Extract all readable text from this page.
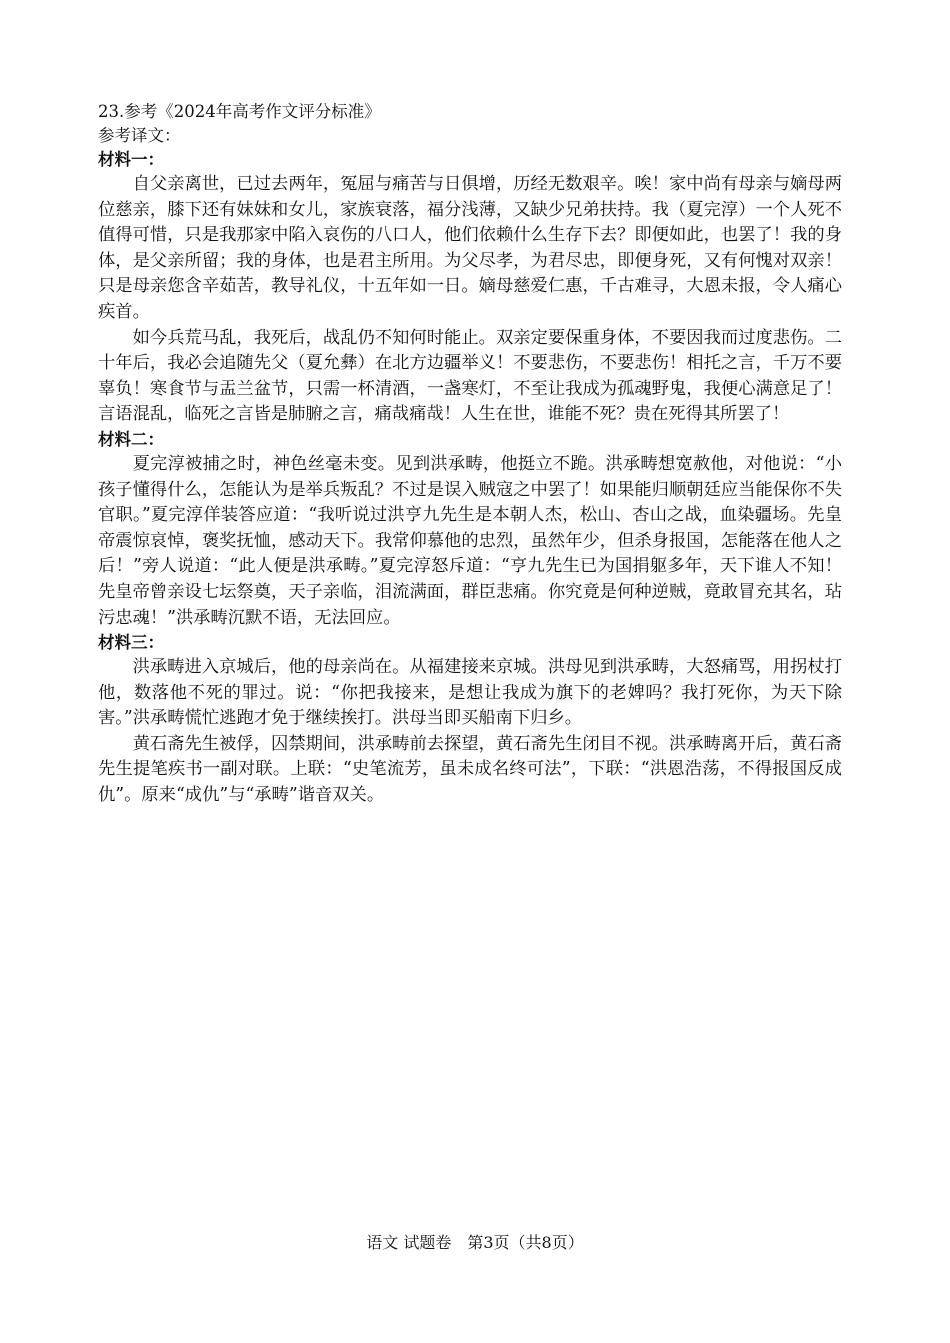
23.参考《2024年高考作文评分标准》
参考译文：
材料一：

自父亲离世，已过去两年，冤屈与痛苦与日俱增，历经无数艰辛。唉！家中尚有母亲与嫡母两位慈亲，膝下还有妹妹和女儿，家族衰落，福分浅薄，又缺少兄弟扶持。我（夏完淳）一个人死不值得可惜，只是我那家中陷入哀伤的八口人，他们依赖什么生存下去？即便如此，也罢了！我的身体，是父亲所留；我的身体，也是君主所用。为父尽孝，为君尽忠，即便身死，又有何愧对双亲！只是母亲您含辛茹苦，教导礼仪，十五年如一日。嫡母慈爱仁惠，千古难寻，大恩未报，令人痛心疾首。

如今兵荒马乱，我死后，战乱仍不知何时能止。双亲定要保重身体，不要因我而过度悲伤。二十年后，我必会追随先父（夏允彝）在北方边疆举义！不要悲伤，不要悲伤！相托之言，千万不要辜负！寒食节与盂兰盆节，只需一杯清酒，一盏寒灯，不至让我成为孤魂野鬼，我便心满意足了！言语混乱，临死之言皆是肺腑之言，痛哉痛哉！人生在世，谁能不死？贵在死得其所罢了！

材料二：

夏完淳被捕之时，神色丝毫未变。见到洪承畴，他挺立不跪。洪承畴想宽赦他，对他说：“小孩子懂得什么，怎能认为是举兵叛乱？不过是误入贼寇之中罢了！如果能归顺朝廷应当能保你不失官职。”夏完淳佯装答应道：“我听说过洪亨九先生是本朝人杰，松山、杏山之战，血染疆场。先皇帝震惊哀悼，褒奖抚恤，感动天下。我常仰慕他的忠烈，虽然年少，但杀身报国，怎能落在他人之后！”旁人说道：“此人便是洪承畴。”夏完淳怒斥道：“亨九先生已为国捐躯多年，天下谁人不知！先皇帝曾亲设七坛祭奠，天子亲临，泪流满面，群臣悲痛。你究竟是何种逆贼，竟敢冒充其名，玷污忠魂！”洪承畴沉默不语，无法回应。

材料三：

洪承畴进入京城后，他的母亲尚在。从福建接来京城。洪母见到洪承畴，大怒痛骂，用拐杖打他，数落他不死的罪过。说：“你把我接来，是想让我成为旗下的老婢吗？我打死你，为天下除害。”洪承畴慌忙逃跑才免于继续挨打。洪母当即买船南下归乡。

黄石斋先生被俘，囚禁期间，洪承畴前去探望，黄石斋先生闭目不视。洪承畴离开后，黄石斋先生提笔疾书一副对联。上联：“史笔流芳，虽未成名终可法”，下联：“洪恩浩荡，不得报国反成仇”。原来“成仇”与“承畴”谐音双关。

语文 试题卷　第3页（共8页）
